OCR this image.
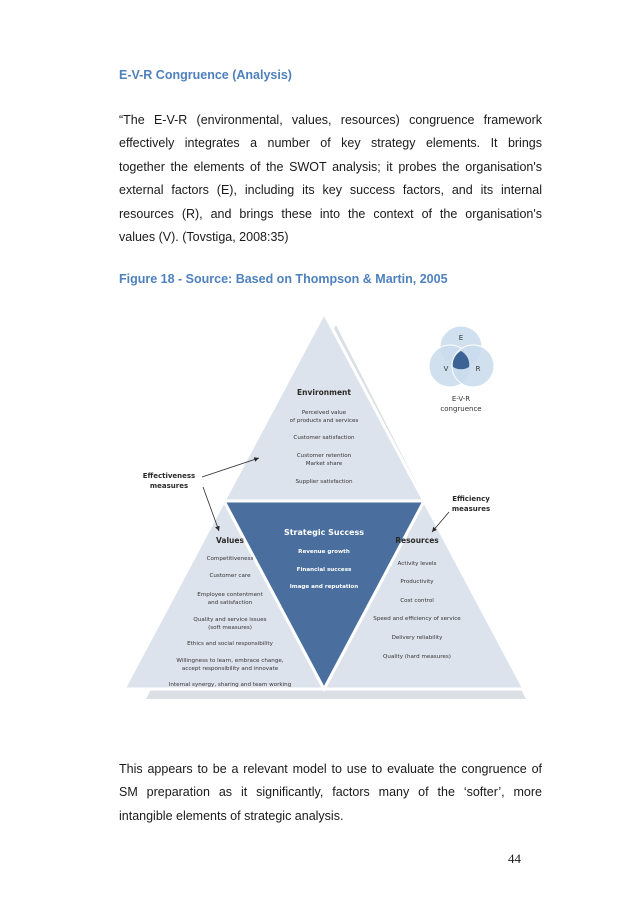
E-V-R Congruence (Analysis)

“The E-V-R (environmental, values, resources) congruence framework
effectively integrates a number of key strategy elements. It brings
together the elements of the SWOT analysis; it probes the organisation's
external factors (E), including its key success factors, and its internal
resources (R), and brings these into the context of the organisation's
values (V). (Tovstiga, 2008:35)

Figure 18 - Source: Based on Thompson & Martin, 2005

E
V	R
E-V-R
congruence
Environment
Perceived value
of products and services
Customer satisfaction
Customer retention
Market share
Supplier satisfaction
Effectiveness
measures
Efficiency
measures
Strategic Success
Revenue growth
Financial success
Image and reputation
Values
Competitiveness
Customer care
Employee contentment
and satisfaction
Quality and service issues
(soft measures)
Ethics and social responsibility
Willingness to learn, embrace change,
accept responsibility and innovate
Internal synergy, sharing and team working
Resources
Activity levels
Productivity
Cost control
Speed and efficiency of service
Delivery reliability
Quality (hard measures)
This appears to be a relevant model to use to evaluate the congruence of
SM preparation as it significantly, factors many of the ‘softer’, more
intangible elements of strategic analysis.

44
